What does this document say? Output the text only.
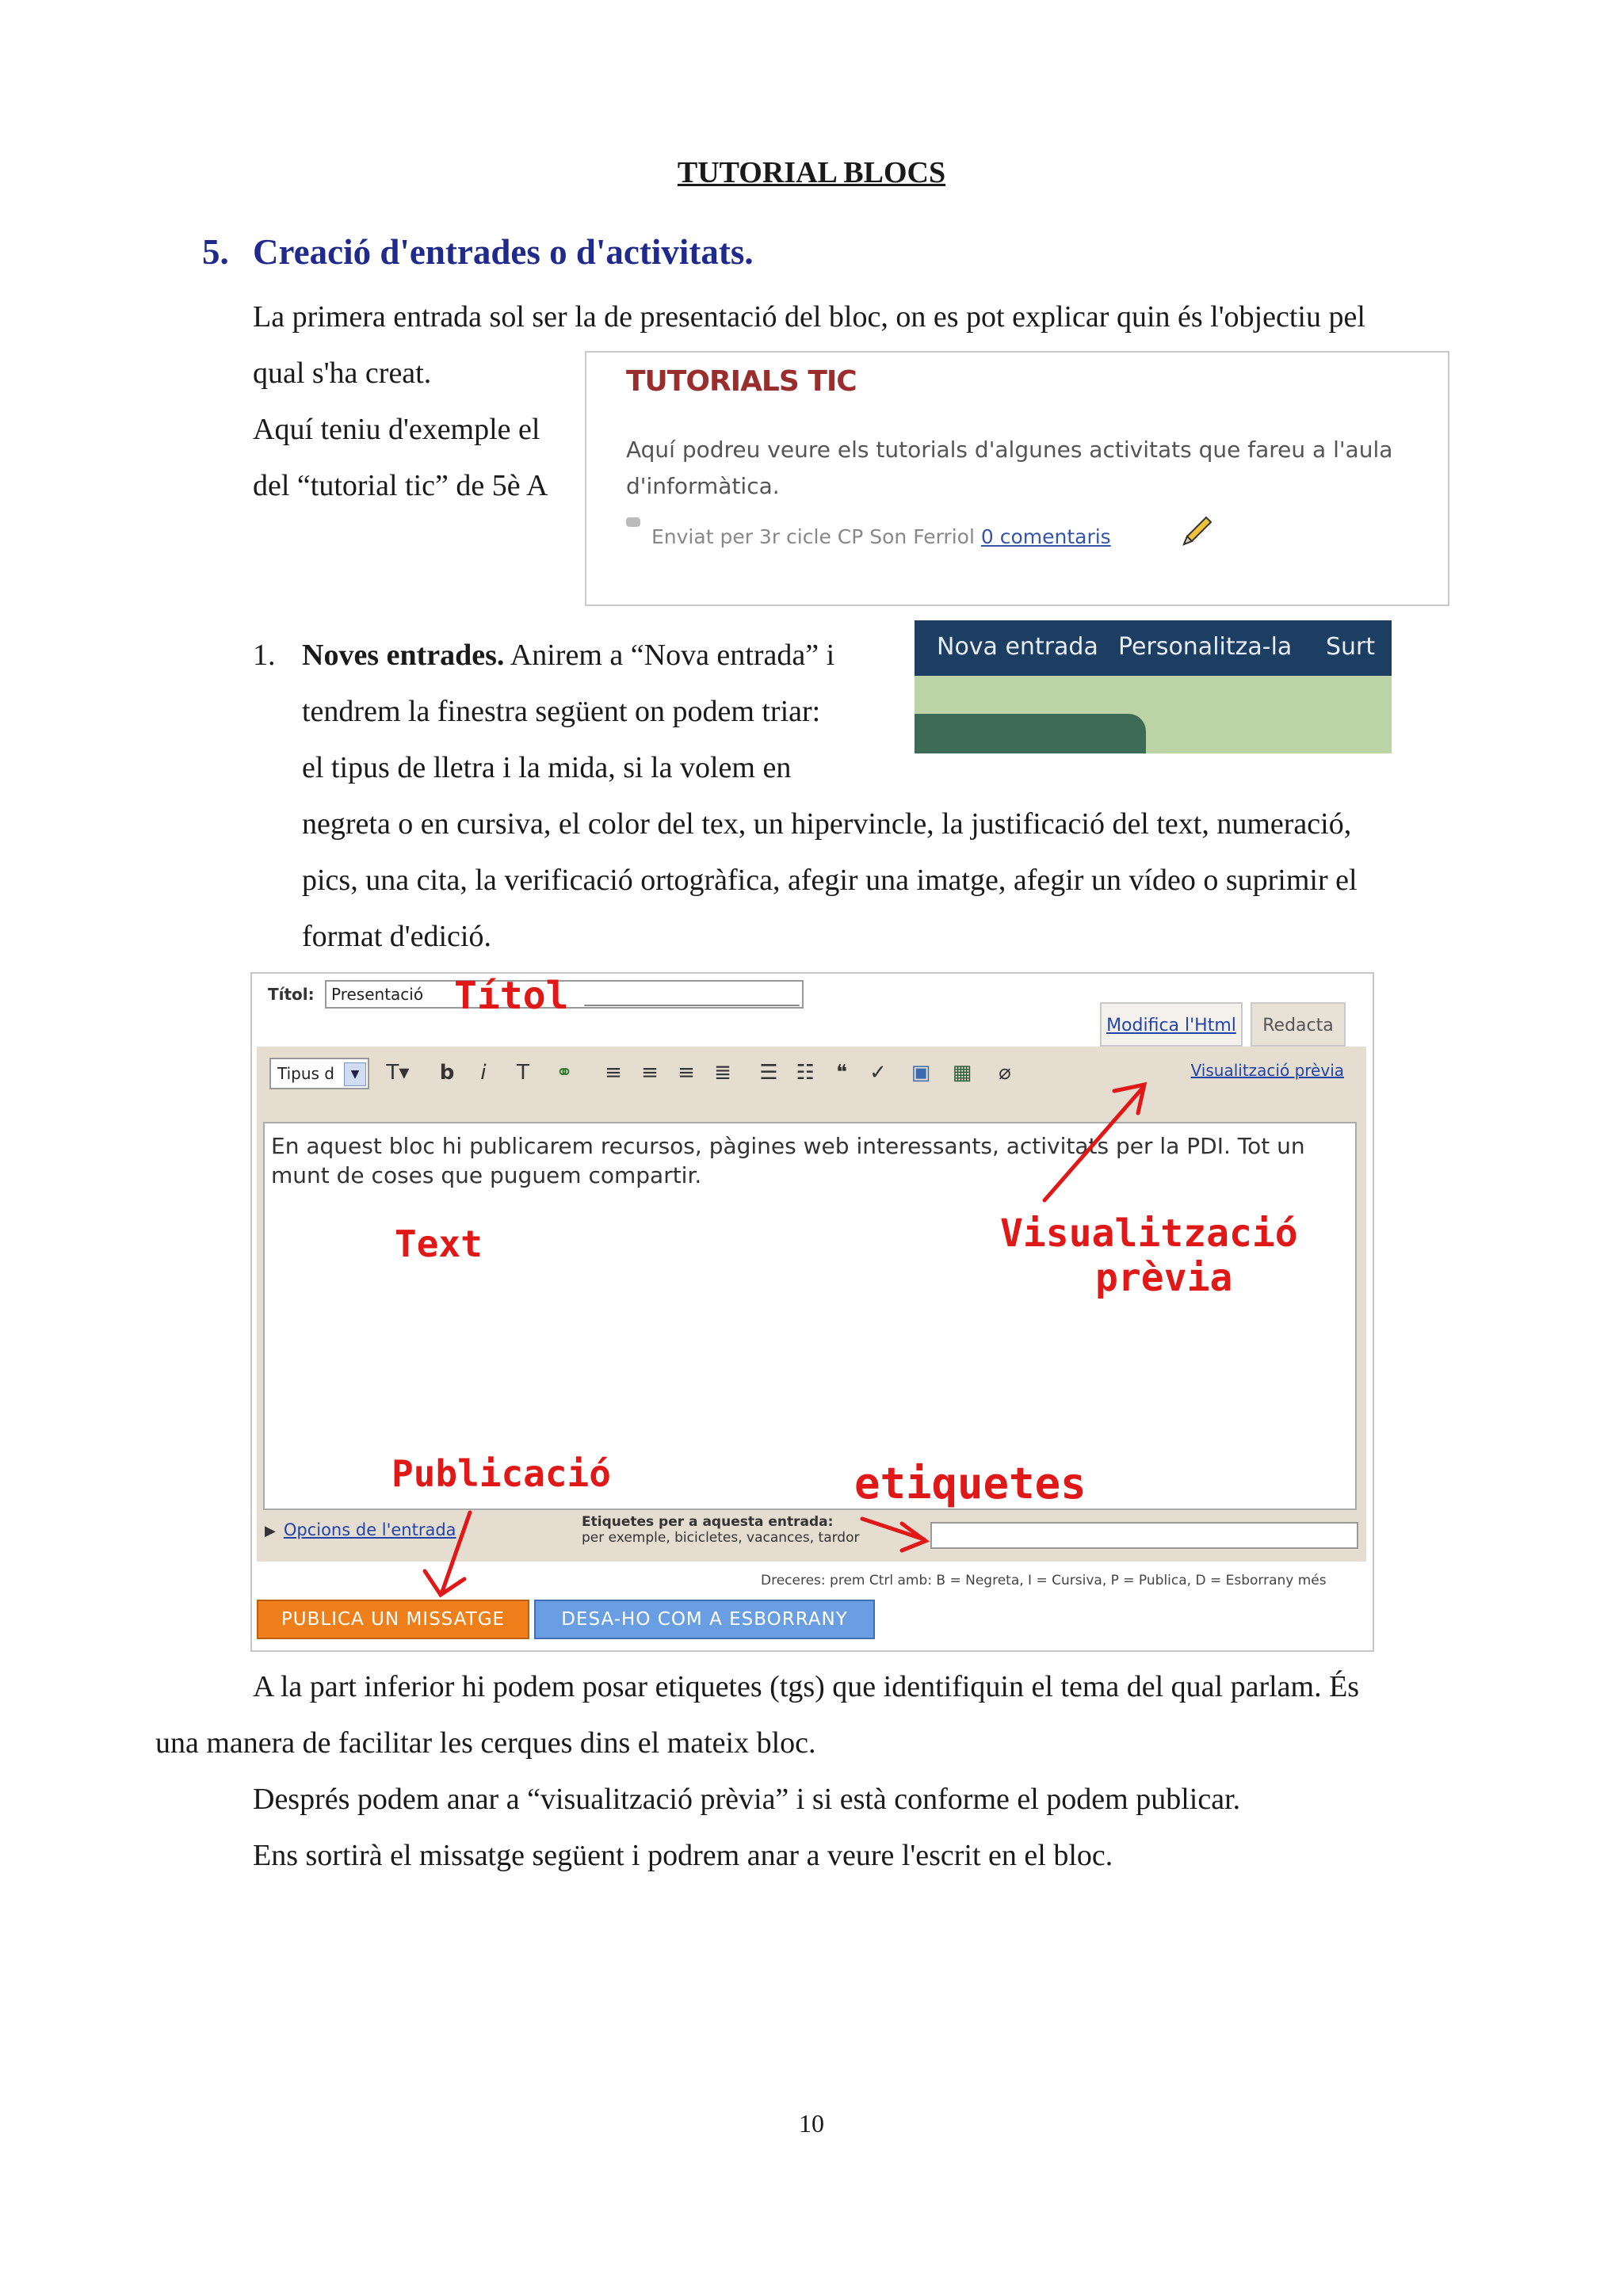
TUTORIAL BLOCS
5. Creació d'entrades o d'activitats.
La primera entrada sol ser la de presentació del bloc, on es pot explicar quin és l'objectiu pel
qual s'ha creat.
Aquí teniu d'exemple el
del “tutorial tic” de 5è A
TUTORIALS TIC
Aquí podreu veure els tutorials d'algunes activitats que fareu a l'aula d'informàtica.
Enviat per 3r cicle CP Son Ferriol 0 comentaris
1. Noves entrades. Anirem a “Nova entrada” i
tendrem la finestra següent on podem triar:
el tipus de lletra i la mida, si la volem en
negreta o en cursiva, el color del tex, un hipervincle, la justificació del text, numeració,
pics, una cita, la verificació ortogràfica, afegir una imatge, afegir un vídeo o suprimir el
format d'edició.
Nova entrada Personalitza-la Surt
Títol:	Presentació
Modifica l'Html	Redacta
Tipus d	▼	T▾	b	i	T	⚭ ≡ ≡ ≡ ≣ ☰ ☷	❝	✓ ▣ ▦	⌀	Visualització prèvia
En aquest bloc hi publicarem recursos, pàgines web interessants, activitats per la PDI. Tot un munt de coses que puguem compartir.
▶ Opcions de l'entrada	Etiquetes per a aquesta entrada:
per exemple, bicicletes, vacances, tardor
Dreceres: prem Ctrl amb: B = Negreta, I = Cursiva, P = Publica, D = Esborrany més
PUBLICA UN MISSATGE	DESA-HO COM A ESBORRANY
Títol
Text	Visualització
prèvia
Publicació	etiquetes
A la part inferior hi podem posar etiquetes (tgs) que identifiquin el tema del qual parlam. És
una manera de facilitar les cerques dins el mateix bloc.
Després podem anar a “visualització prèvia” i si està conforme el podem publicar.
Ens sortirà el missatge següent i podrem anar a veure l'escrit en el bloc.
10
